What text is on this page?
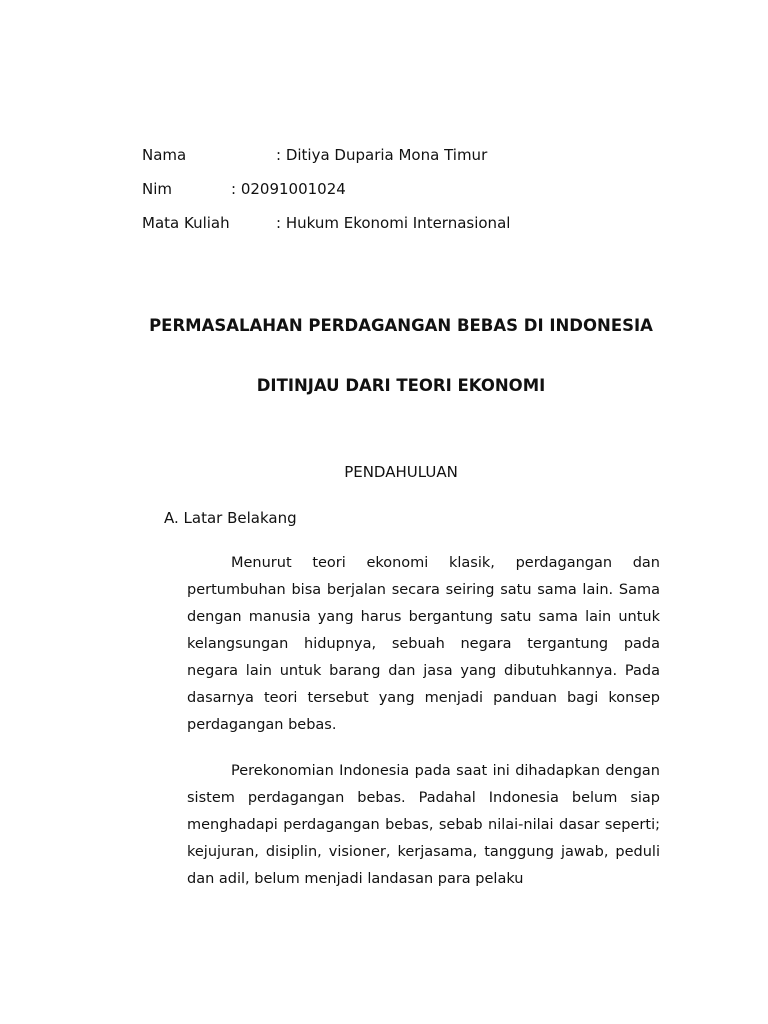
Nama	: Ditiya Duparia Mona Timur
Nim	: 02091001024
Mata Kuliah	: Hukum Ekonomi Internasional
PERMASALAHAN PERDAGANGAN BEBAS DI INDONESIA
DITINJAU DARI TEORI EKONOMI
PENDAHULUAN
A. Latar Belakang

Menurut teori ekonomi klasik, perdagangan dan pertumbuhan bisa berjalan secara seiring satu sama lain. Sama dengan manusia yang harus bergantung satu sama lain untuk kelangsungan hidupnya, sebuah negara tergantung pada negara lain untuk barang dan jasa yang dibutuhkannya. Pada dasarnya teori tersebut yang menjadi panduan bagi konsep perdagangan bebas.

Perekonomian Indonesia pada saat ini dihadapkan dengan sistem perdagangan bebas. Padahal Indonesia belum siap menghadapi perdagangan bebas, sebab nilai-nilai dasar seperti; kejujuran, disiplin, visioner, kerjasama, tanggung jawab, peduli dan adil, belum menjadi landasan para pelaku
